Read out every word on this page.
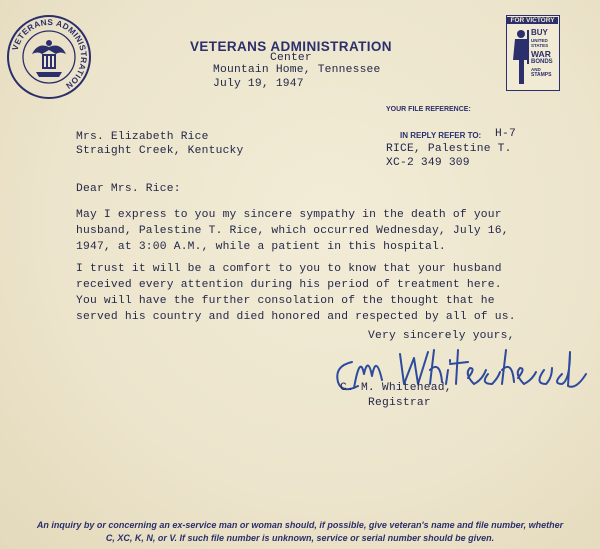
VETERANS ADMINISTRATION
VETERANS ADMINISTRATION
Center
Mountain Home, Tennessee
July 19, 1947
FOR VICTORY
BUY
UNITED
STATES
WAR
BONDS
AND
STAMPS
YOUR FILE REFERENCE:
IN REPLY REFER TO: H-7
RICE, Palestine T.
XC-2 349 309
Mrs. Elizabeth Rice
Straight Creek, Kentucky
Dear Mrs. Rice:
May I express to you my sincere sympathy in the death of your
husband, Palestine T. Rice, which occurred Wednesday, July 16,
1947, at 3:00 A.M., while a patient in this hospital.
I trust it will be a comfort to you to know that your husband
received every attention during his period of treatment here.
You will have the further consolation of the thought that he
served his country and died honored and respected by all of us.
Very sincerely yours,
C. M. Whitehead,
Registrar
An inquiry by or concerning an ex-service man or woman should, if possible, give veteran's name and file number, whether
C, XC, K, N, or V. If such file number is unknown, service or serial number should be given.
